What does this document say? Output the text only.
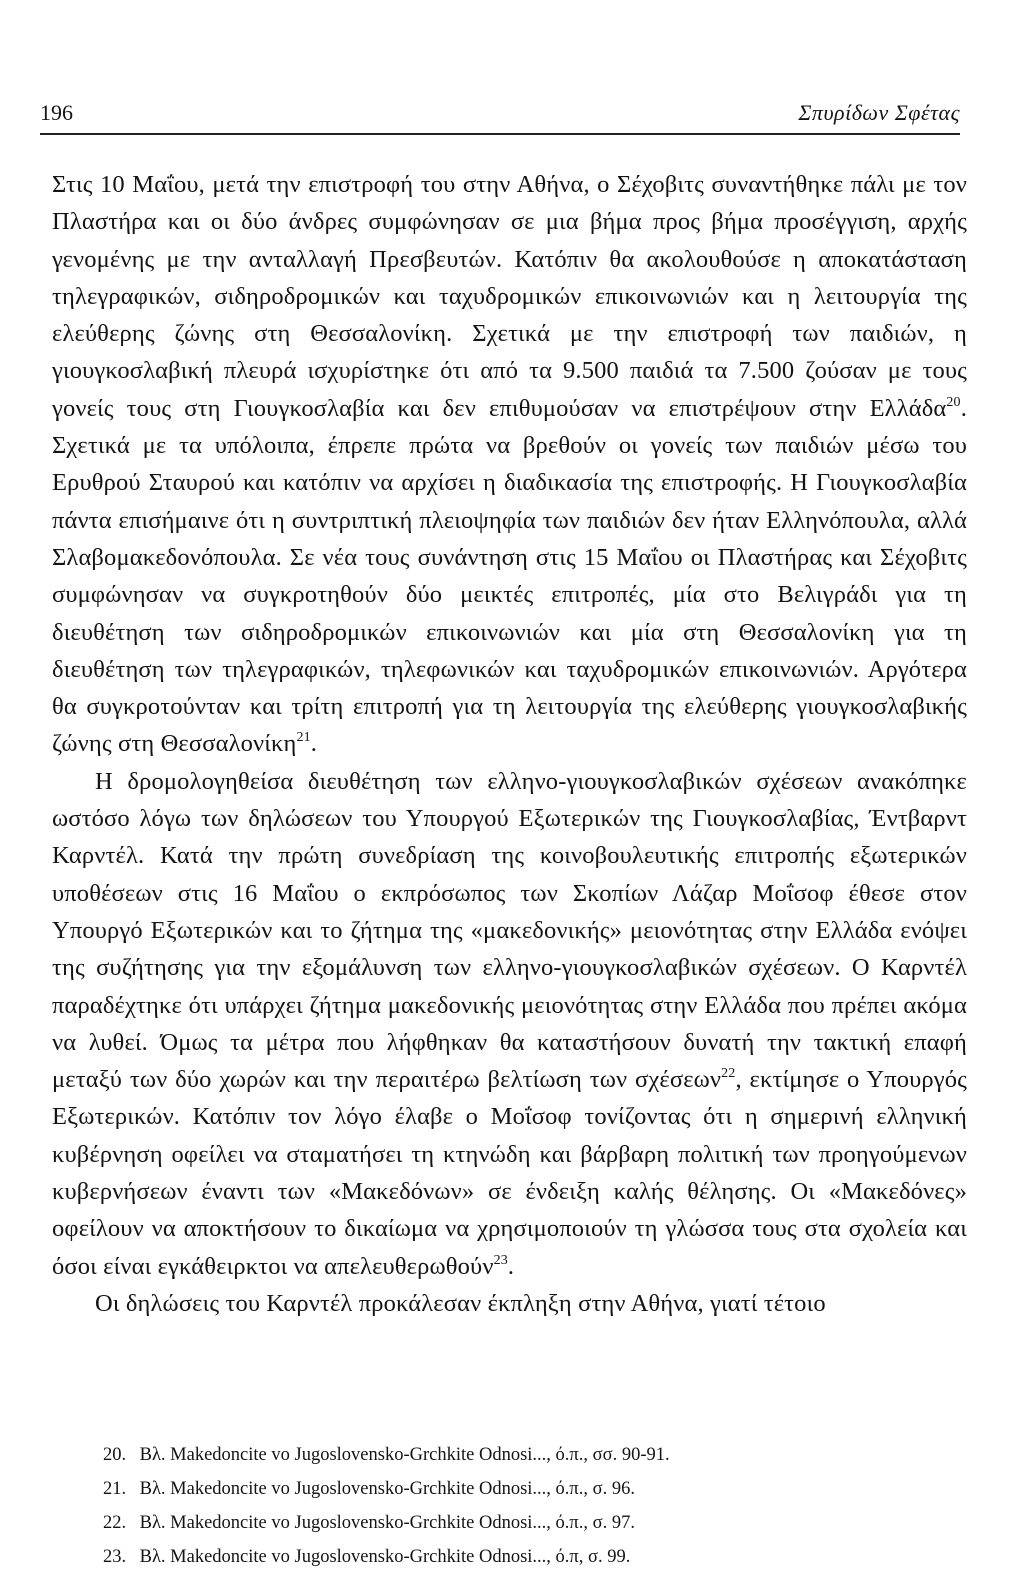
196	Σπυρίδων Σφέτας

Στις 10 Μαΐου, μετά την επιστροφή του στην Αθήνα, ο Σέχοβιτς συναντήθηκε πάλι με τον Πλαστήρα και οι δύο άνδρες συμφώνησαν σε μια βήμα προς βήμα προσέγγιση, αρχής γενομένης με την ανταλλαγή Πρεσβευτών. Κατόπιν θα ακολουθούσε η αποκατάσταση τηλεγραφικών, σιδηροδρομικών και ταχυδρομικών επικοινωνιών και η λειτουργία της ελεύθερης ζώνης στη Θεσσαλονίκη. Σχετικά με την επιστροφή των παιδιών, η γιουγκοσλαβική πλευρά ισχυρίστηκε ότι από τα 9.500 παιδιά τα 7.500 ζούσαν με τους γονείς τους στη Γιουγκοσλαβία και δεν επιθυμούσαν να επιστρέψουν στην Ελλάδα$^{20}$. Σχετικά με τα υπόλοιπα, έπρεπε πρώτα να βρεθούν οι γονείς των παιδιών μέσω του Ερυθρού Σταυρού και κατόπιν να αρχίσει η διαδικασία της επιστροφής. Η Γιουγκοσλαβία πάντα επισήμαινε ότι η συντριπτική πλειοψηφία των παιδιών δεν ήταν Ελληνόπουλα, αλλά Σλαβομακεδονόπουλα. Σε νέα τους συνάντηση στις 15 Μαΐου οι Πλαστήρας και Σέχοβιτς συμφώνησαν να συγκροτηθούν δύο μεικτές επιτροπές, μία στο Βελιγράδι για τη διευθέτηση των σιδηροδρομικών επικοινωνιών και μία στη Θεσσαλονίκη για τη διευθέτηση των τηλεγραφικών, τηλεφωνικών και ταχυδρομικών επικοινωνιών. Αργότερα θα συγκροτούνταν και τρίτη επιτροπή για τη λειτουργία της ελεύθερης γιουγκοσλαβικής ζώνης στη Θεσσαλονίκη$^{21}$.

Η δρομολογηθείσα διευθέτηση των ελληνο-γιουγκοσλαβικών σχέσεων ανακόπηκε ωστόσο λόγω των δηλώσεων του Υπουργού Εξωτερικών της Γιουγκοσλαβίας, Έντβαρντ Καρντέλ. Κατά την πρώτη συνεδρίαση της κοινοβουλευτικής επιτροπής εξωτερικών υποθέσεων στις 16 Μαΐου ο εκπρόσωπος των Σκοπίων Λάζαρ Μοΐσοφ έθεσε στον Υπουργό Εξωτερικών και το ζήτημα της «μακεδονικής» μειονότητας στην Ελλάδα ενόψει της συζήτησης για την εξομάλυνση των ελληνο-γιουγκοσλαβικών σχέσεων. Ο Καρντέλ παραδέχτηκε ότι υπάρχει ζήτημα μακεδονικής μειονότητας στην Ελλάδα που πρέπει ακόμα να λυθεί. Όμως τα μέτρα που λήφθηκαν θα καταστήσουν δυνατή την τακτική επαφή μεταξύ των δύο χωρών και την περαιτέρω βελτίωση των σχέσεων$^{22}$, εκτίμησε ο Υπουργός Εξωτερικών. Κατόπιν τον λόγο έλαβε ο Μοΐσοφ τονίζοντας ότι η σημερινή ελληνική κυβέρνηση οφείλει να σταματήσει τη κτηνώδη και βάρβαρη πολιτική των προηγούμενων κυβερνήσεων έναντι των «Μακεδόνων» σε ένδειξη καλής θέλησης. Οι «Μακεδόνες» οφείλουν να αποκτήσουν το δικαίωμα να χρησιμοποιούν τη γλώσσα τους στα σχολεία και όσοι είναι εγκάθειρκτοι να απελευθερωθούν$^{23}$.

Οι δηλώσεις του Καρντέλ προκάλεσαν έκπληξη στην Αθήνα, γιατί τέτοιο

20. Βλ. Makedoncite vo Jugoslovensko-Grchkite Odnosi..., ό.π., σσ. 90-91.
21. Βλ. Makedoncite vo Jugoslovensko-Grchkite Odnosi..., ό.π., σ. 96.
22. Βλ. Makedoncite vo Jugoslovensko-Grchkite Odnosi..., ό.π., σ. 97.
23. Βλ. Makedoncite vo Jugoslovensko-Grchkite Odnosi..., ό.π, σ. 99.
